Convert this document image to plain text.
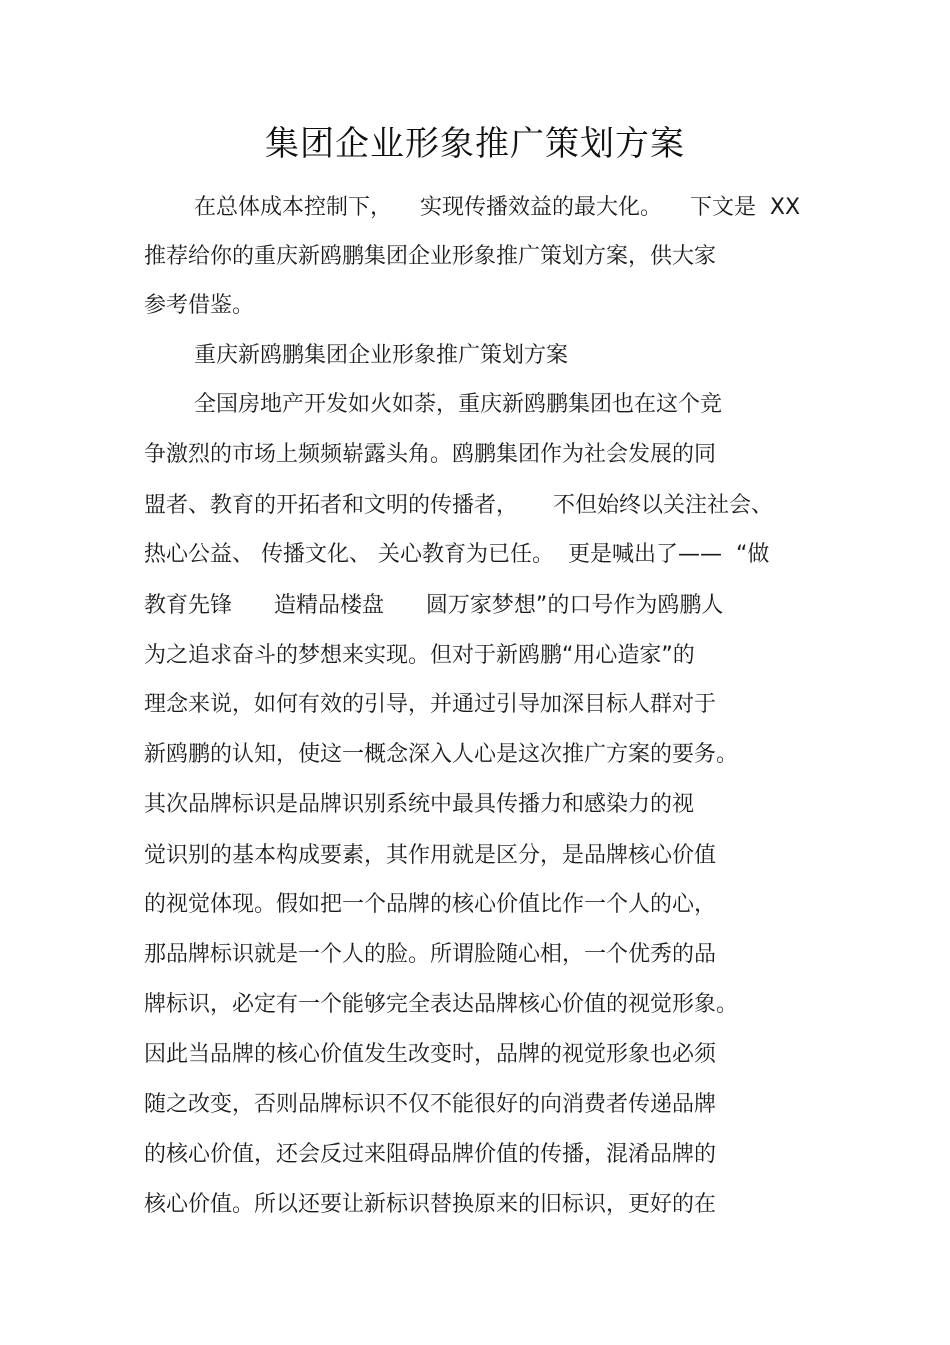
集团企业形象推广策划方案
在总体成本控制下，    实现传播效益的最大化。    下文是  XX
推荐给你的重庆新鸥鹏集团企业形象推广策划方案，供大家
参考借鉴。
重庆新鸥鹏集团企业形象推广策划方案
全国房地产开发如火如荼，重庆新鸥鹏集团也在这个竞
争激烈的市场上频频崭露头角。鸥鹏集团作为社会发展的同
盟者、教育的开拓者和文明的传播者，     不但始终以关注社会、
热心公益、 传播文化、 关心教育为已任。  更是喊出了——  “做
教育先锋      造精品楼盘      圆万家梦想”的口号作为鸥鹏人
为之追求奋斗的梦想来实现。但对于新鸥鹏“用心造家”的
理念来说，如何有效的引导，并通过引导加深目标人群对于
新鸥鹏的认知，使这一概念深入人心是这次推广方案的要务。
其次品牌标识是品牌识别系统中最具传播力和感染力的视
觉识别的基本构成要素，其作用就是区分，是品牌核心价值
的视觉体现。假如把一个品牌的核心价值比作一个人的心，
那品牌标识就是一个人的脸。所谓脸随心相，一个优秀的品
牌标识，必定有一个能够完全表达品牌核心价值的视觉形象。
因此当品牌的核心价值发生改变时，品牌的视觉形象也必须
随之改变，否则品牌标识不仅不能很好的向消费者传递品牌
的核心价值，还会反过来阻碍品牌价值的传播，混淆品牌的
核心价值。所以还要让新标识替换原来的旧标识，更好的在
